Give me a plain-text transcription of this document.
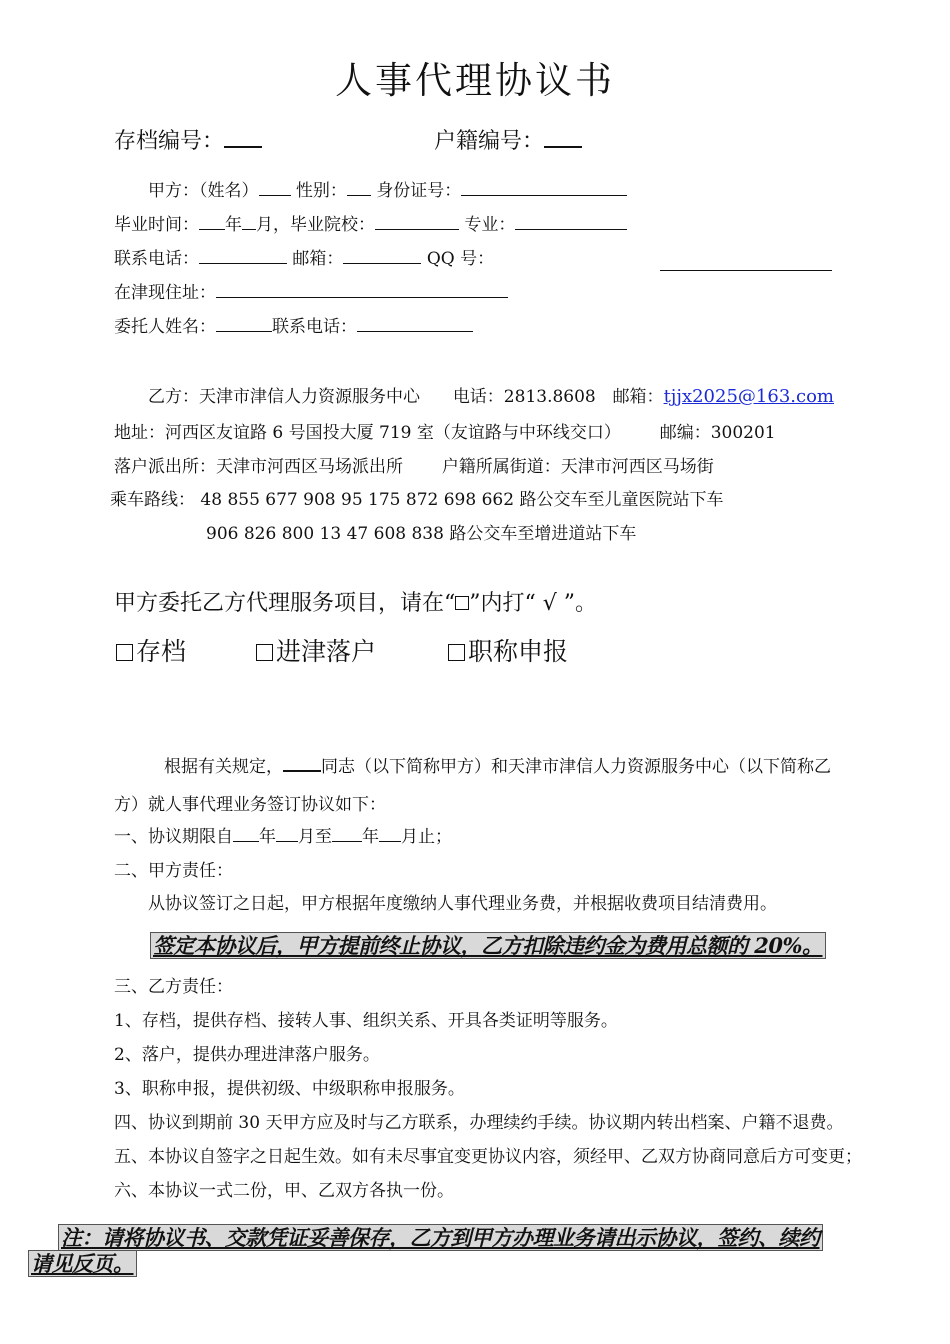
人事代理协议书
存档编号：	户籍编号：
甲方：（姓名） 性别： 身份证号：
毕业时间： 年 月，毕业院校：	专业：
联系电话：	邮箱：	QQ 号：
在津现住址：
委托人姓名：	联系电话：
乙方：天津市津信人力资源服务中心 电话：2813.8608 邮箱：tjjx2025@163.com
地址：河西区友谊路 6 号国投大厦 719 室（友谊路与中环线交口） 邮编：300201
落户派出所：天津市河西区马场派出所 户籍所属街道：天津市河西区马场街
乘车路线： 48 855 677 908 95 175 872 698 662 路公交车至儿童医院站下车
906 826 800 13 47 608 838 路公交车至增进道站下车
甲方委托乙方代理服务项目，请在“ ”内打“ √ ”。
存档	进津落户	职称申报
根据有关规定， 同志（以下简称甲方）和天津市津信人力资源服务中心（以下简称乙
方）就人事代理业务签订协议如下：
一、协议期限自 年 月至 年 月止；
二、甲方责任：
从协议签订之日起，甲方根据年度缴纳人事代理业务费，并根据收费项目结清费用。
签定本协议后，甲方提前终止协议，乙方扣除违约金为费用总额的 20%。
三、乙方责任：
1、存档，提供存档、接转人事、组织关系、开具各类证明等服务。
2、落户，提供办理进津落户服务。
3、职称申报，提供初级、中级职称申报服务。
四、协议到期前 30 天甲方应及时与乙方联系，办理续约手续。协议期内转出档案、户籍不退费。
五、本协议自签字之日起生效。如有未尽事宜变更协议内容，须经甲、乙双方协商同意后方可变更；
六、本协议一式二份，甲、乙双方各执一份。
注：请将协议书、交款凭证妥善保存，乙方到甲方办理业务请出示协议，签约、续约
请见反页。
